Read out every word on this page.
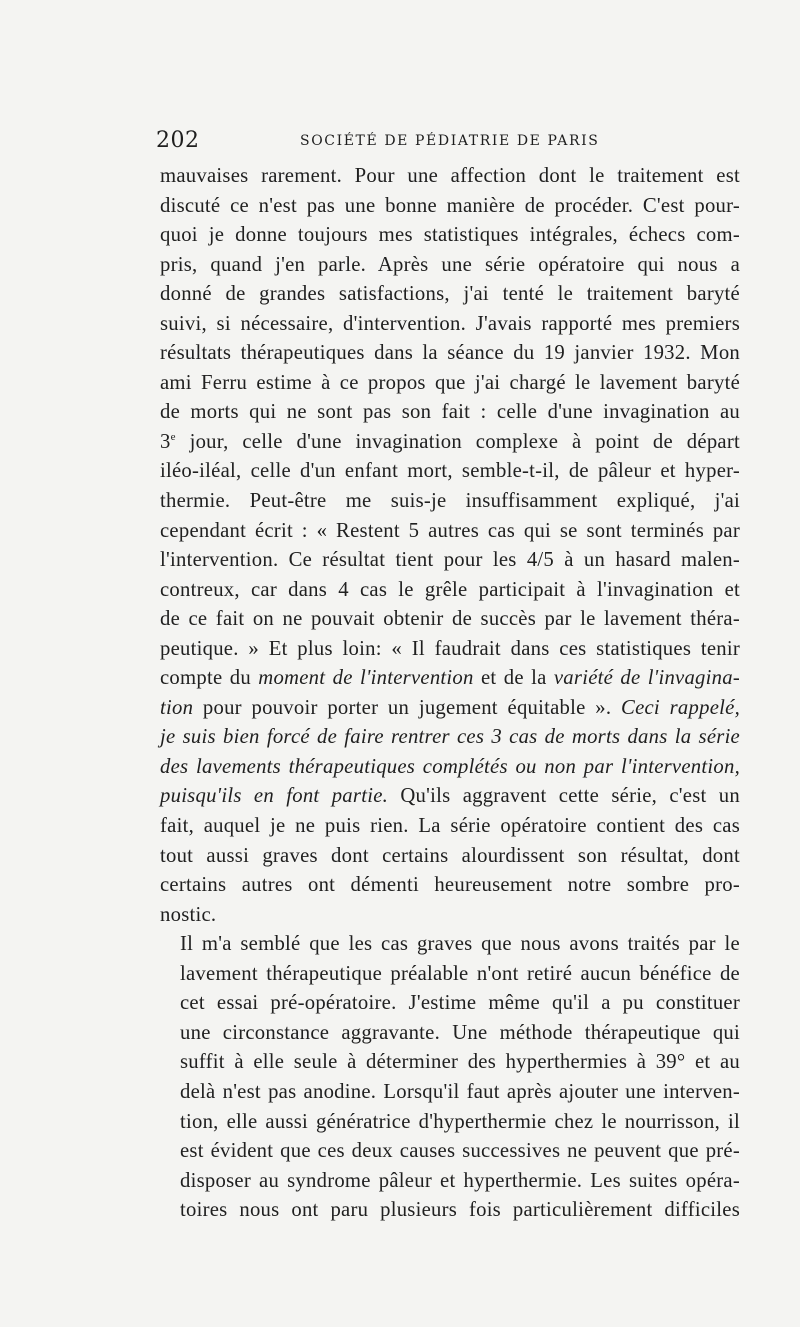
202	SOCIÉTÉ DE PÉDIATRIE DE PARIS

mauvaises rarement. Pour une affection dont le traitement est
discuté ce n'est pas une bonne manière de procéder. C'est pour-
quoi je donne toujours mes statistiques intégrales, échecs com-
pris, quand j'en parle. Après une série opératoire qui nous a
donné de grandes satisfactions, j'ai tenté le traitement baryté
suivi, si nécessaire, d'intervention. J'avais rapporté mes premiers
résultats thérapeutiques dans la séance du 19 janvier 1932. Mon
ami Ferru estime à ce propos que j'ai chargé le lavement baryté
de morts qui ne sont pas son fait : celle d'une invagination au
3e jour, celle d'une invagination complexe à point de départ
iléo-iléal, celle d'un enfant mort, semble-t-il, de pâleur et hyper-
thermie. Peut-être me suis-je insuffisamment expliqué, j'ai
cependant écrit : « Restent 5 autres cas qui se sont terminés par
l'intervention. Ce résultat tient pour les 4/5 à un hasard malen-
contreux, car dans 4 cas le grêle participait à l'invagination et
de ce fait on ne pouvait obtenir de succès par le lavement théra-
peutique. » Et plus loin: « Il faudrait dans ces statistiques tenir
compte du moment de l'intervention et de la variété de l'invagina-
tion pour pouvoir porter un jugement équitable ». Ceci rappelé,
je suis bien forcé de faire rentrer ces 3 cas de morts dans la série
des lavements thérapeutiques complétés ou non par l'intervention,
puisqu'ils en font partie. Qu'ils aggravent cette série, c'est un
fait, auquel je ne puis rien. La série opératoire contient des cas
tout aussi graves dont certains alourdissent son résultat, dont
certains autres ont démenti heureusement notre sombre pro-
nostic.

Il m'a semblé que les cas graves que nous avons traités par le
lavement thérapeutique préalable n'ont retiré aucun bénéfice de
cet essai pré-opératoire. J'estime même qu'il a pu constituer
une circonstance aggravante. Une méthode thérapeutique qui
suffit à elle seule à déterminer des hyperthermies à 39° et au
delà n'est pas anodine. Lorsqu'il faut après ajouter une interven-
tion, elle aussi génératrice d'hyperthermie chez le nourrisson, il
est évident que ces deux causes successives ne peuvent que pré-
disposer au syndrome pâleur et hyperthermie. Les suites opéra-
toires nous ont paru plusieurs fois particulièrement difficiles
